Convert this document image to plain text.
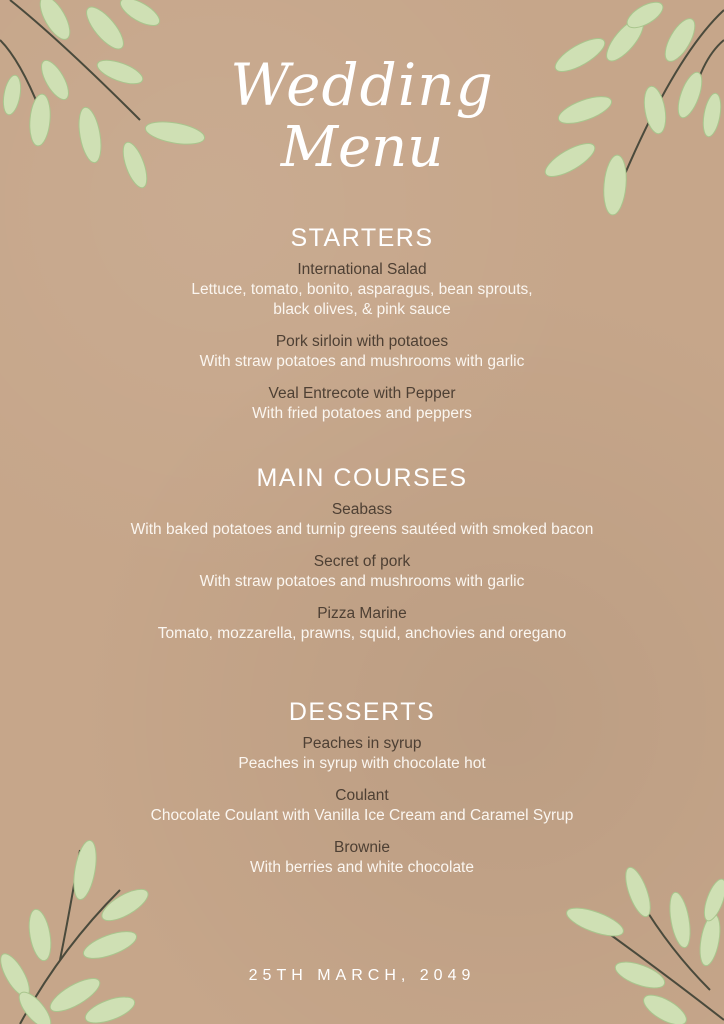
Wedding
Menu
STARTERS
International Salad
Lettuce, tomato, bonito, asparagus, bean sprouts,
black olives, & pink sauce
Pork sirloin with potatoes
With straw potatoes and mushrooms with garlic
Veal Entrecote with Pepper
With fried potatoes and peppers
MAIN COURSES
Seabass
With baked potatoes and turnip greens sautéed with smoked bacon
Secret of pork
With straw potatoes and mushrooms with garlic
Pizza Marine
Tomato, mozzarella, prawns, squid, anchovies and oregano
DESSERTS
Peaches in syrup
Peaches in syrup with chocolate hot
Coulant
Chocolate Coulant with Vanilla Ice Cream and Caramel Syrup
Brownie
With berries and white chocolate
25TH MARCH, 2049
